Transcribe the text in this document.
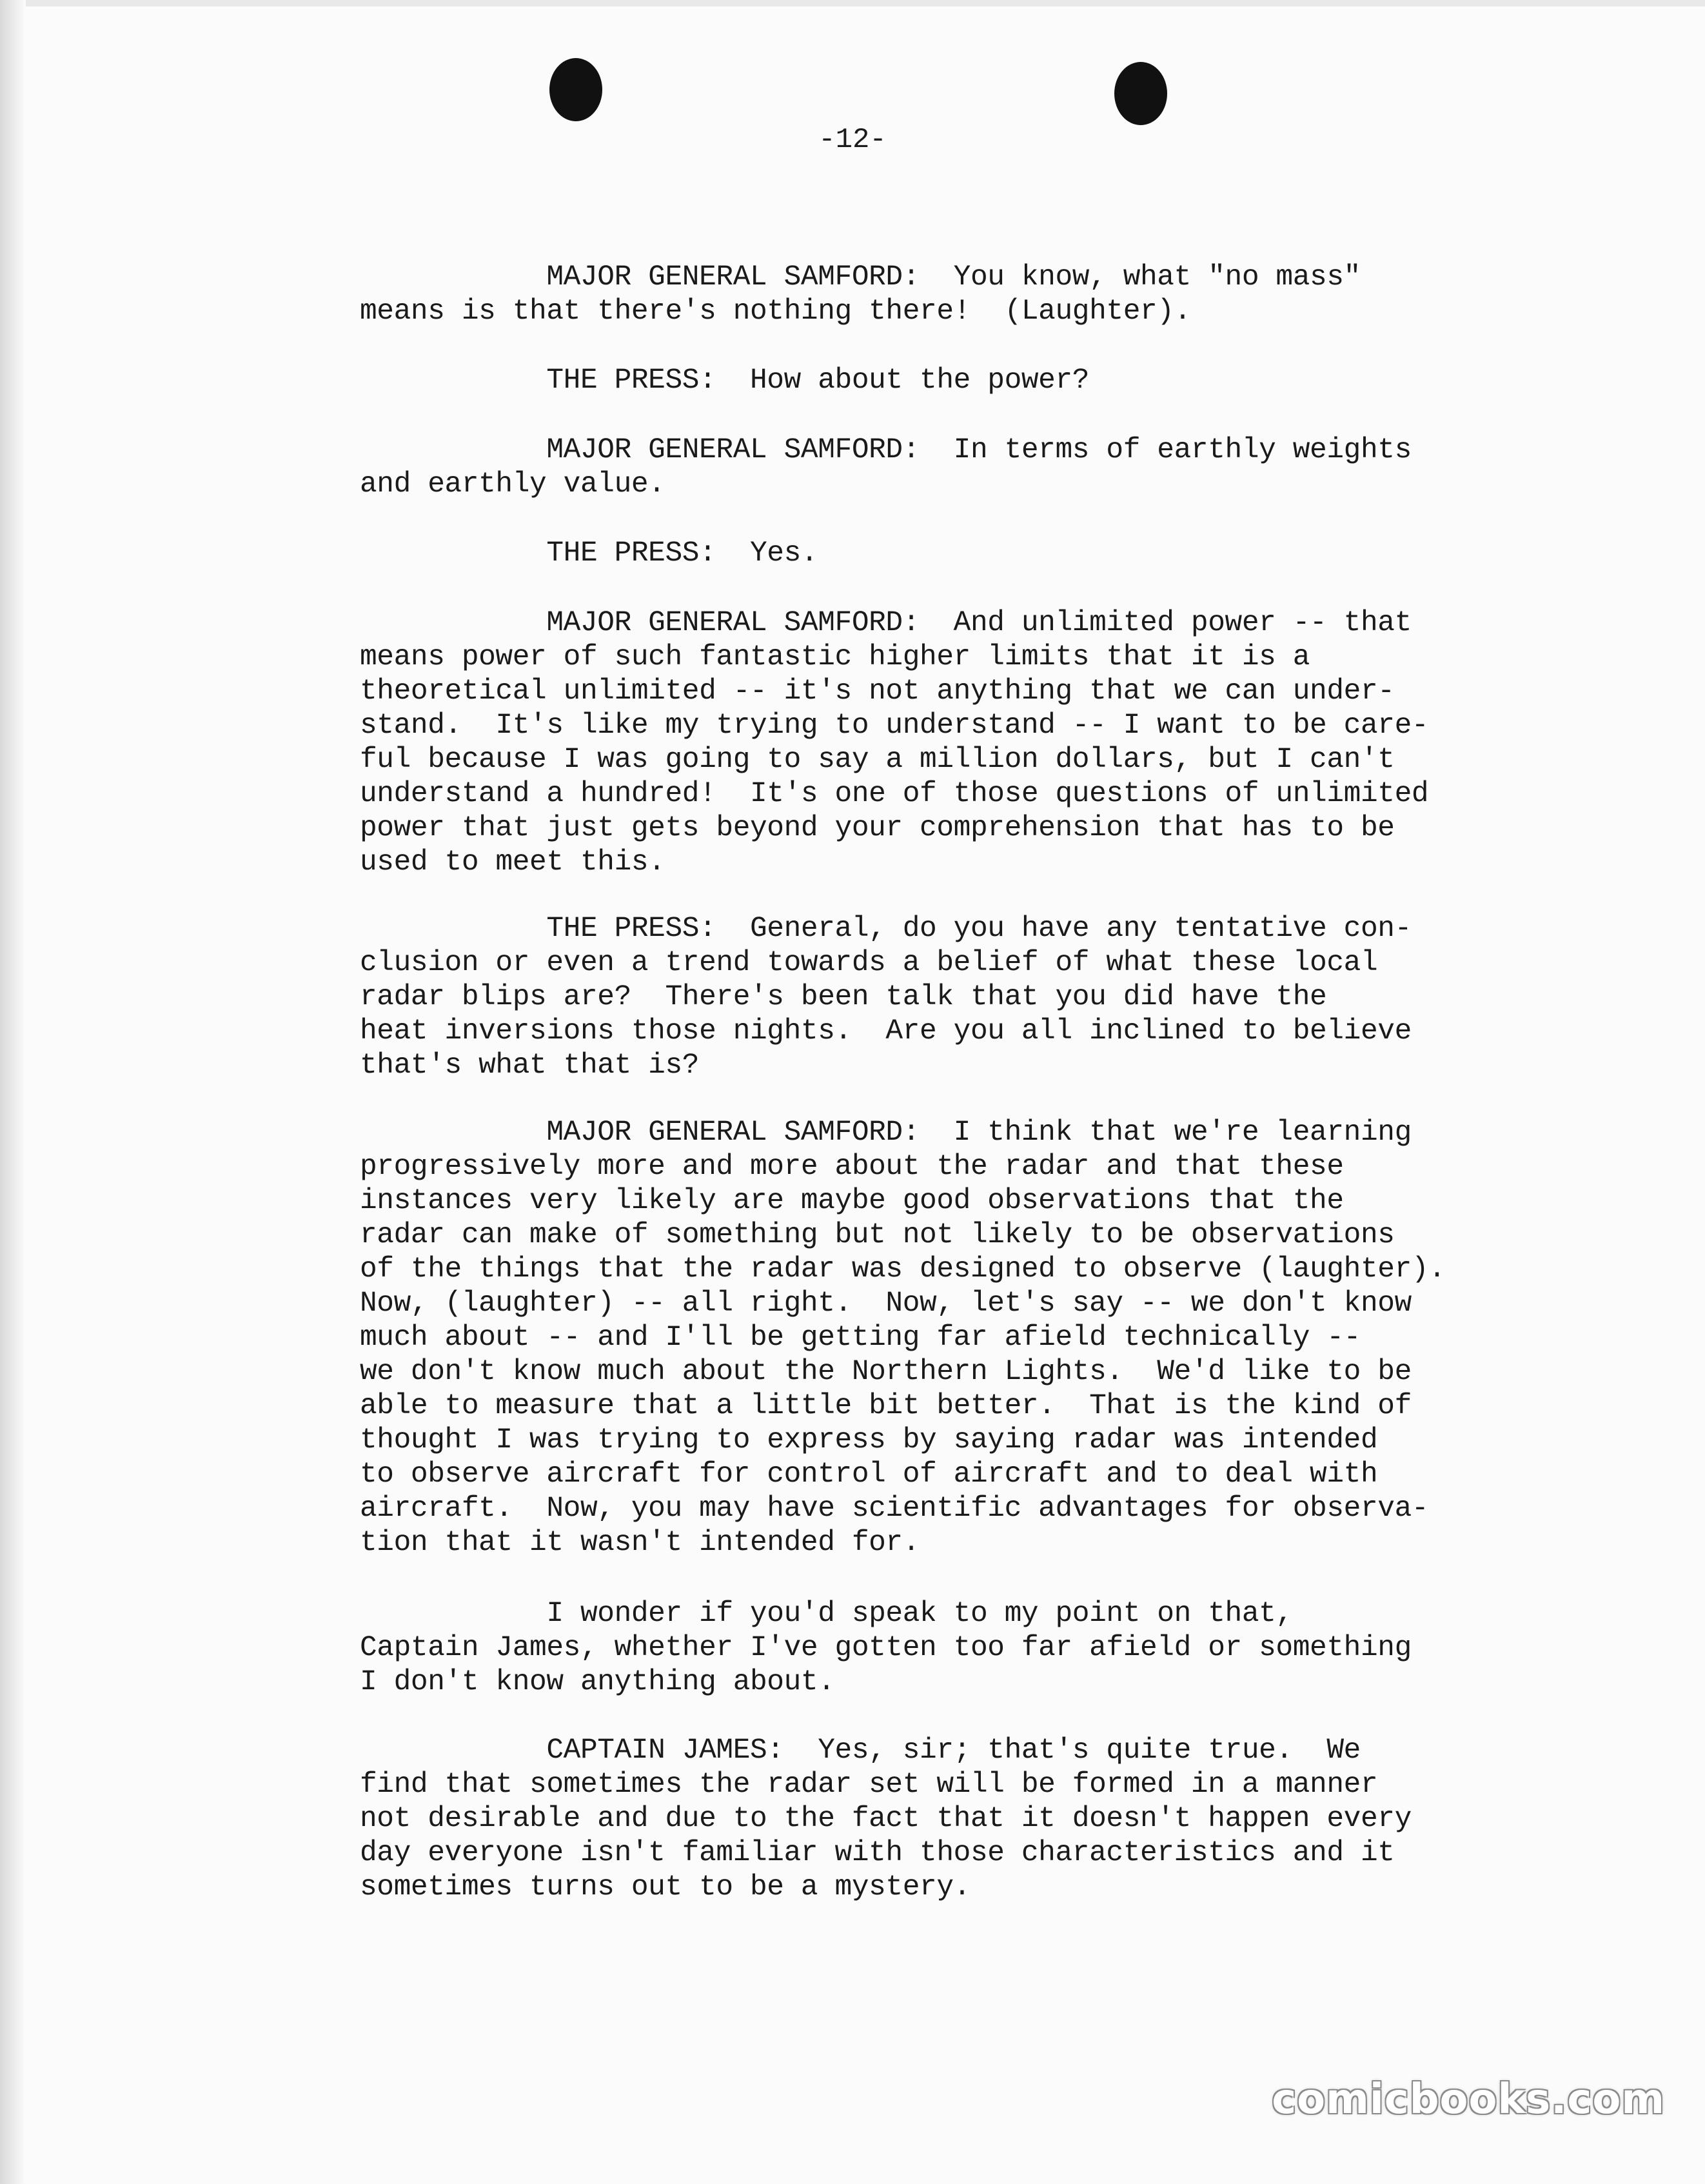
-12-
MAJOR GENERAL SAMFORD:  You know, what "no mass"
means is that there's nothing there!  (Laughter).
THE PRESS:  How about the power?
MAJOR GENERAL SAMFORD:  In terms of earthly weights
and earthly value.
THE PRESS:  Yes.
MAJOR GENERAL SAMFORD:  And unlimited power -- that
means power of such fantastic higher limits that it is a
theoretical unlimited -- it's not anything that we can under-
stand.  It's like my trying to understand -- I want to be care-
ful because I was going to say a million dollars, but I can't
understand a hundred!  It's one of those questions of unlimited
power that just gets beyond your comprehension that has to be
used to meet this.
THE PRESS:  General, do you have any tentative con-
clusion or even a trend towards a belief of what these local
radar blips are?  There's been talk that you did have the
heat inversions those nights.  Are you all inclined to believe
that's what that is?
MAJOR GENERAL SAMFORD:  I think that we're learning
progressively more and more about the radar and that these
instances very likely are maybe good observations that the
radar can make of something but not likely to be observations
of the things that the radar was designed to observe (laughter).
Now, (laughter) -- all right.  Now, let's say -- we don't know
much about -- and I'll be getting far afield technically --
we don't know much about the Northern Lights.  We'd like to be
able to measure that a little bit better.  That is the kind of
thought I was trying to express by saying radar was intended
to observe aircraft for control of aircraft and to deal with
aircraft.  Now, you may have scientific advantages for observa-
tion that it wasn't intended for.
I wonder if you'd speak to my point on that,
Captain James, whether I've gotten too far afield or something
I don't know anything about.
CAPTAIN JAMES:  Yes, sir; that's quite true.  We
find that sometimes the radar set will be formed in a manner
not desirable and due to the fact that it doesn't happen every
day everyone isn't familiar with those characteristics and it
sometimes turns out to be a mystery.
comicbooks.com
